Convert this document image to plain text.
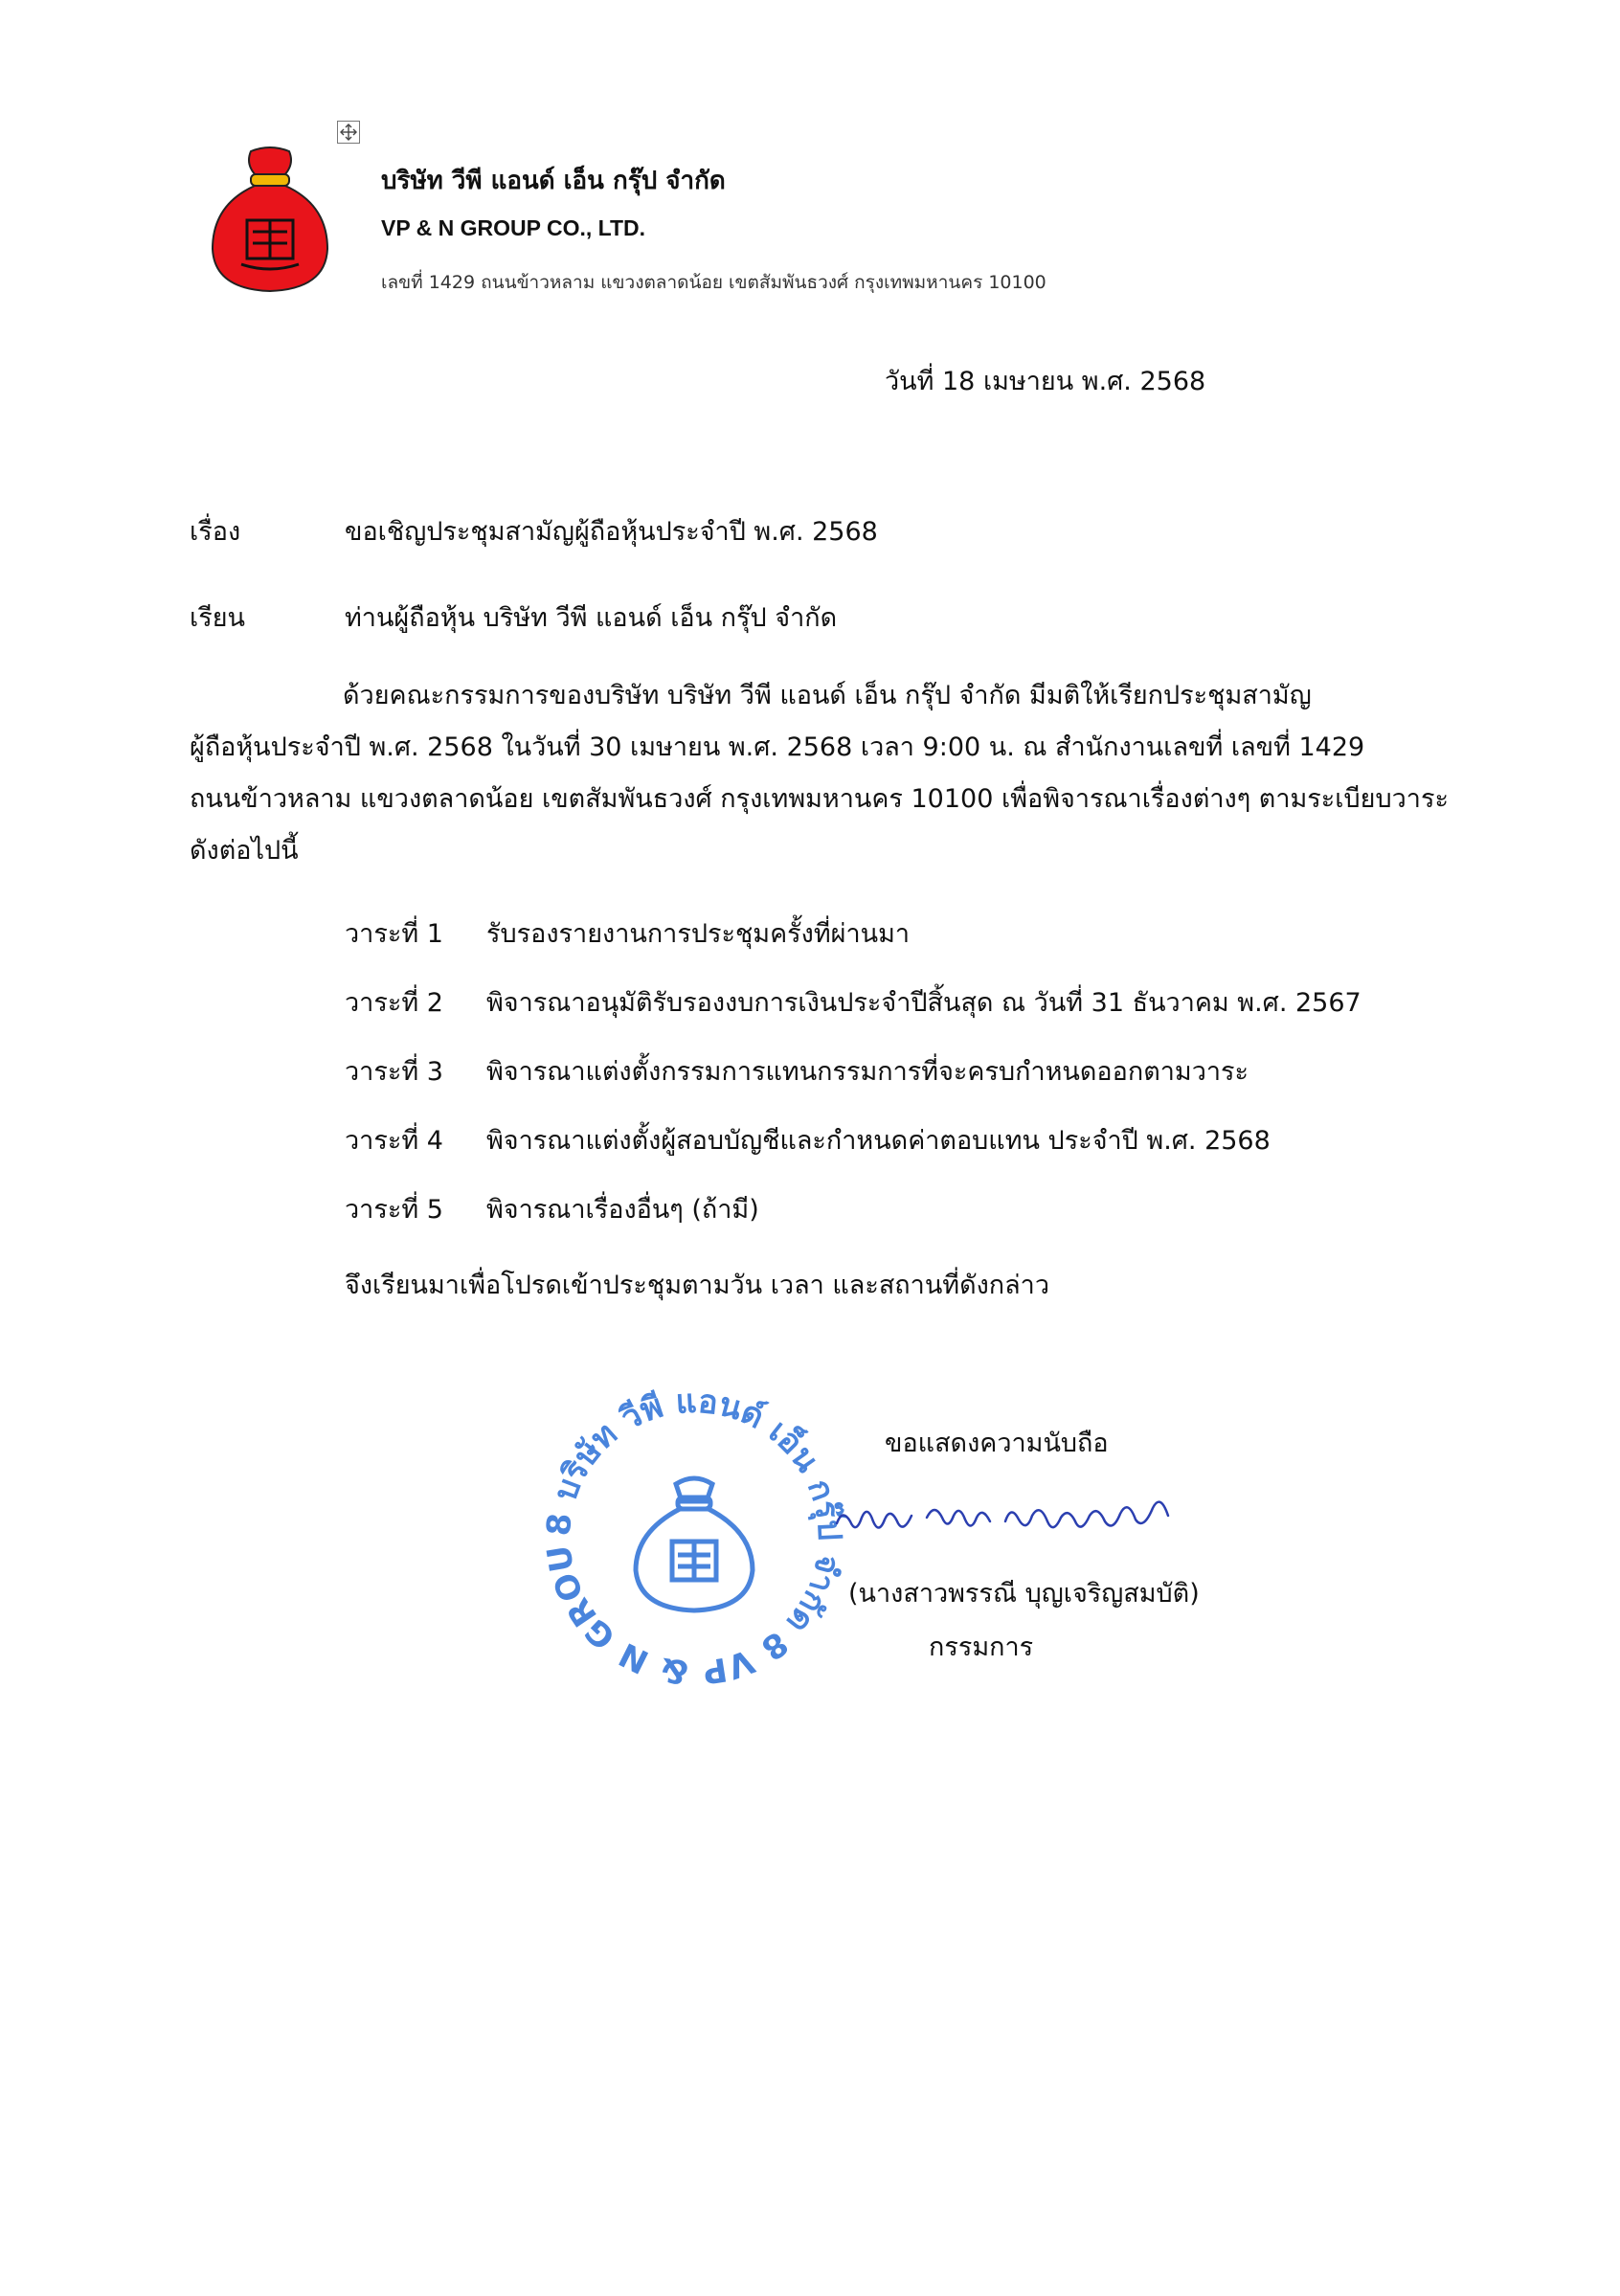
บริษัท วีพี แอนด์ เอ็น กรุ๊ป จำกัด
VP & N GROUP CO., LTD.
เลขที่ 1429 ถนนข้าวหลาม แขวงตลาดน้อย เขตสัมพันธวงศ์ กรุงเทพมหานคร 10100
วันที่ 18 เมษายน พ.ศ. 2568
เรื่อง	ขอเชิญประชุมสามัญผู้ถือหุ้นประจำปี พ.ศ. 2568
เรียน	ท่านผู้ถือหุ้น บริษัท วีพี แอนด์ เอ็น กรุ๊ป จำกัด
ด้วยคณะกรรมการของบริษัท บริษัท วีพี แอนด์ เอ็น กรุ๊ป จำกัด มีมติให้เรียกประชุมสามัญ
ผู้ถือหุ้นประจำปี พ.ศ. 2568 ในวันที่ 30 เมษายน พ.ศ. 2568 เวลา 9:00 น. ณ สำนักงานเลขที่ เลขที่ 1429
ถนนข้าวหลาม แขวงตลาดน้อย เขตสัมพันธวงศ์ กรุงเทพมหานคร 10100 เพื่อพิจารณาเรื่องต่างๆ ตามระเบียบวาระ
ดังต่อไปนี้
วาระที่ 1 รับรองรายงานการประชุมครั้งที่ผ่านมา
วาระที่ 2 พิจารณาอนุมัติรับรองงบการเงินประจำปีสิ้นสุด ณ วันที่ 31 ธันวาคม พ.ศ. 2567
วาระที่ 3 พิจารณาแต่งตั้งกรรมการแทนกรรมการที่จะครบกำหนดออกตามวาระ
วาระที่ 4 พิจารณาแต่งตั้งผู้สอบบัญชีและกำหนดค่าตอบแทน ประจำปี พ.ศ. 2568
วาระที่ 5 พิจารณาเรื่องอื่นๆ (ถ้ามี)
จึงเรียนมาเพื่อโปรดเข้าประชุมตามวัน เวลา และสถานที่ดังกล่าว
8 บริษัท วีพี แอนด์ เอ็น กรุ๊ป จำกัด 8 VP & N GROU
ขอแสดงความนับถือ
(นางสาวพรรณี บุญเจริญสมบัติ)
กรรมการ
